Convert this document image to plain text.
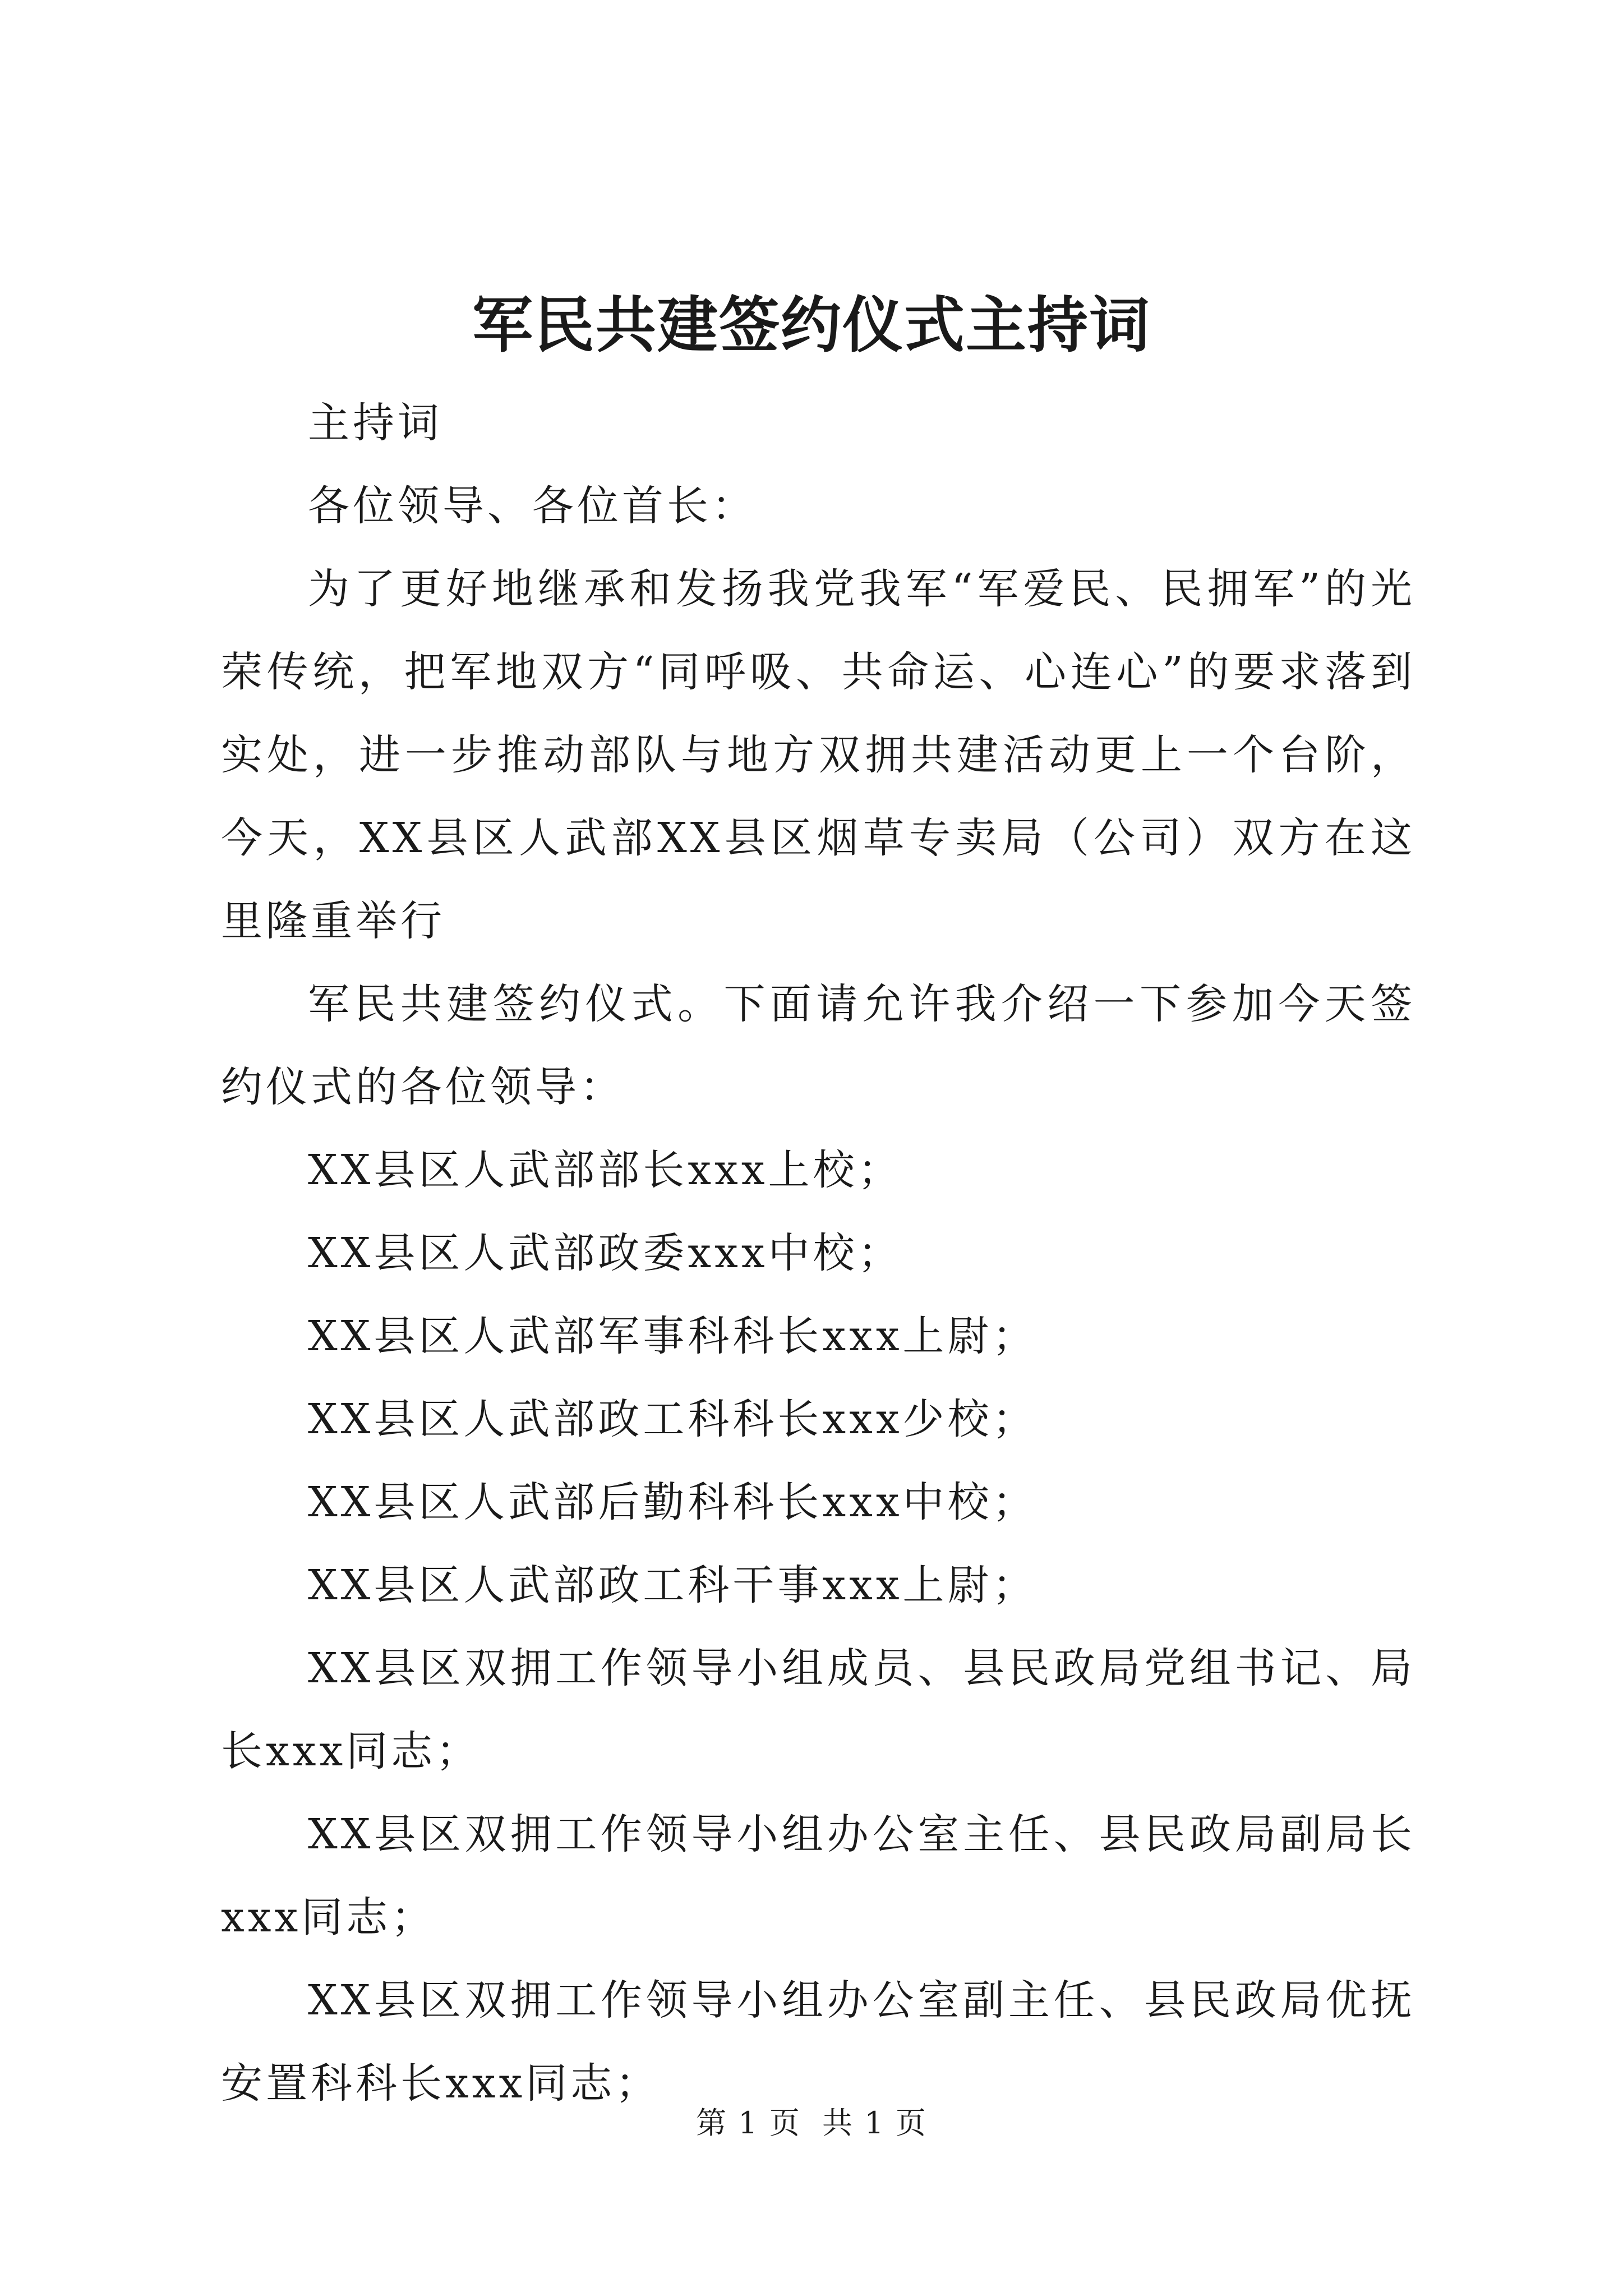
军民共建签约仪式主持词

主持词

各位领导、各位首长：

为了更好地继承和发扬我党我军“军爱民、民拥军”的光荣传统，把军地双方“同呼吸、共命运、心连心”的要求落到实处，进一步推动部队与地方双拥共建活动更上一个台阶，今天，XX县区人武部XX县区烟草专卖局（公司）双方在这里隆重举行

军民共建签约仪式。下面请允许我介绍一下参加今天签约仪式的各位领导：

XX县区人武部部长xxx上校；

XX县区人武部政委xxx中校；

XX县区人武部军事科科长xxx上尉；

XX县区人武部政工科科长xxx少校；

XX县区人武部后勤科科长xxx中校；

XX县区人武部政工科干事xxx上尉；

XX县区双拥工作领导小组成员、县民政局党组书记、局长xxx同志；

XX县区双拥工作领导小组办公室主任、县民政局副局长xxx同志；

XX县区双拥工作领导小组办公室副主任、县民政局优抚安置科科长xxx同志；

第 1 页  共 1 页
